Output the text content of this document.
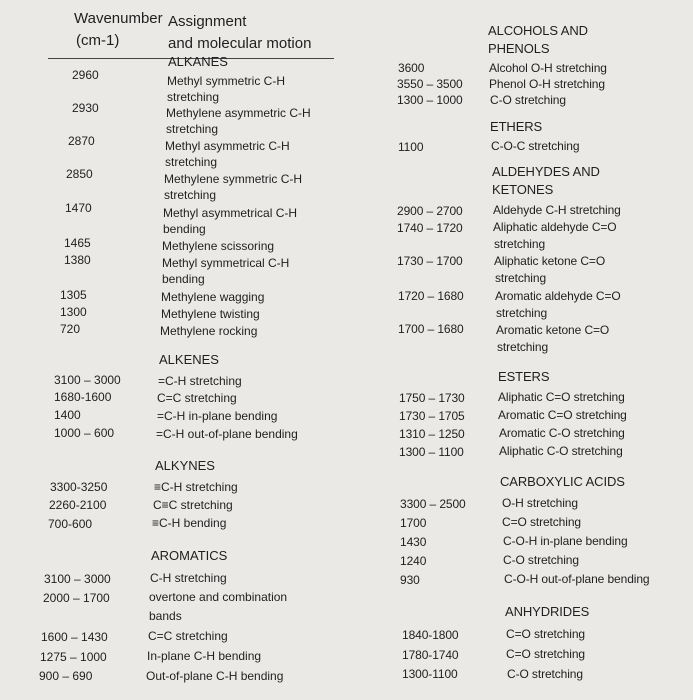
Wavenumber
(cm-1)
Assignment
and molecular motion
ALKANES
2960
2930
2870
2850
1470
1465
1380
1305
1300
720
Methyl symmetric C-H
stretching
Methylene asymmetric C-H
stretching
Methyl asymmetric C-H
stretching
Methylene symmetric C-H
stretching
Methyl asymmetrical C-H
bending
Methylene scissoring
Methyl symmetrical C-H
bending
Methylene wagging
Methylene twisting
Methylene rocking
ALKENES
3100 – 3000
1680-1600
1400
1000 – 600
=C-H stretching
C=C stretching
=C-H in-plane bending
=C-H out-of-plane bending
ALKYNES
3300-3250
2260-2100
700-600
≡C-H stretching
C≡C stretching
≡C-H bending
AROMATICS
3100 – 3000
2000 – 1700
1600 – 1430
1275 – 1000
900 – 690
C-H stretching
overtone and combination
bands
C=C stretching
In-plane C-H bending
Out-of-plane C-H bending
ALCOHOLS AND
PHENOLS
3600
3550 – 3500
1300 – 1000
Alcohol O-H stretching
Phenol O-H stretching
C-O stretching
ETHERS
1100	C-O-C stretching
ALDEHYDES AND
KETONES
2900 – 2700
1740 – 1720
1730 – 1700
1720 – 1680
1700 – 1680
Aldehyde C-H stretching
Aliphatic aldehyde C=O
stretching
Aliphatic ketone C=O
stretching
Aromatic aldehyde C=O
stretching
Aromatic ketone C=O
stretching
ESTERS
1750 – 1730
1730 – 1705
1310 – 1250
1300 – 1100
Aliphatic C=O stretching
Aromatic C=O stretching
Aromatic C-O stretching
Aliphatic C-O stretching
CARBOXYLIC ACIDS
3300 – 2500
1700
1430
1240
930
O-H stretching
C=O stretching
C-O-H in-plane bending
C-O stretching
C-O-H out-of-plane bending
ANHYDRIDES
1840-1800
1780-1740
1300-1100
C=O stretching
C=O stretching
C-O stretching
